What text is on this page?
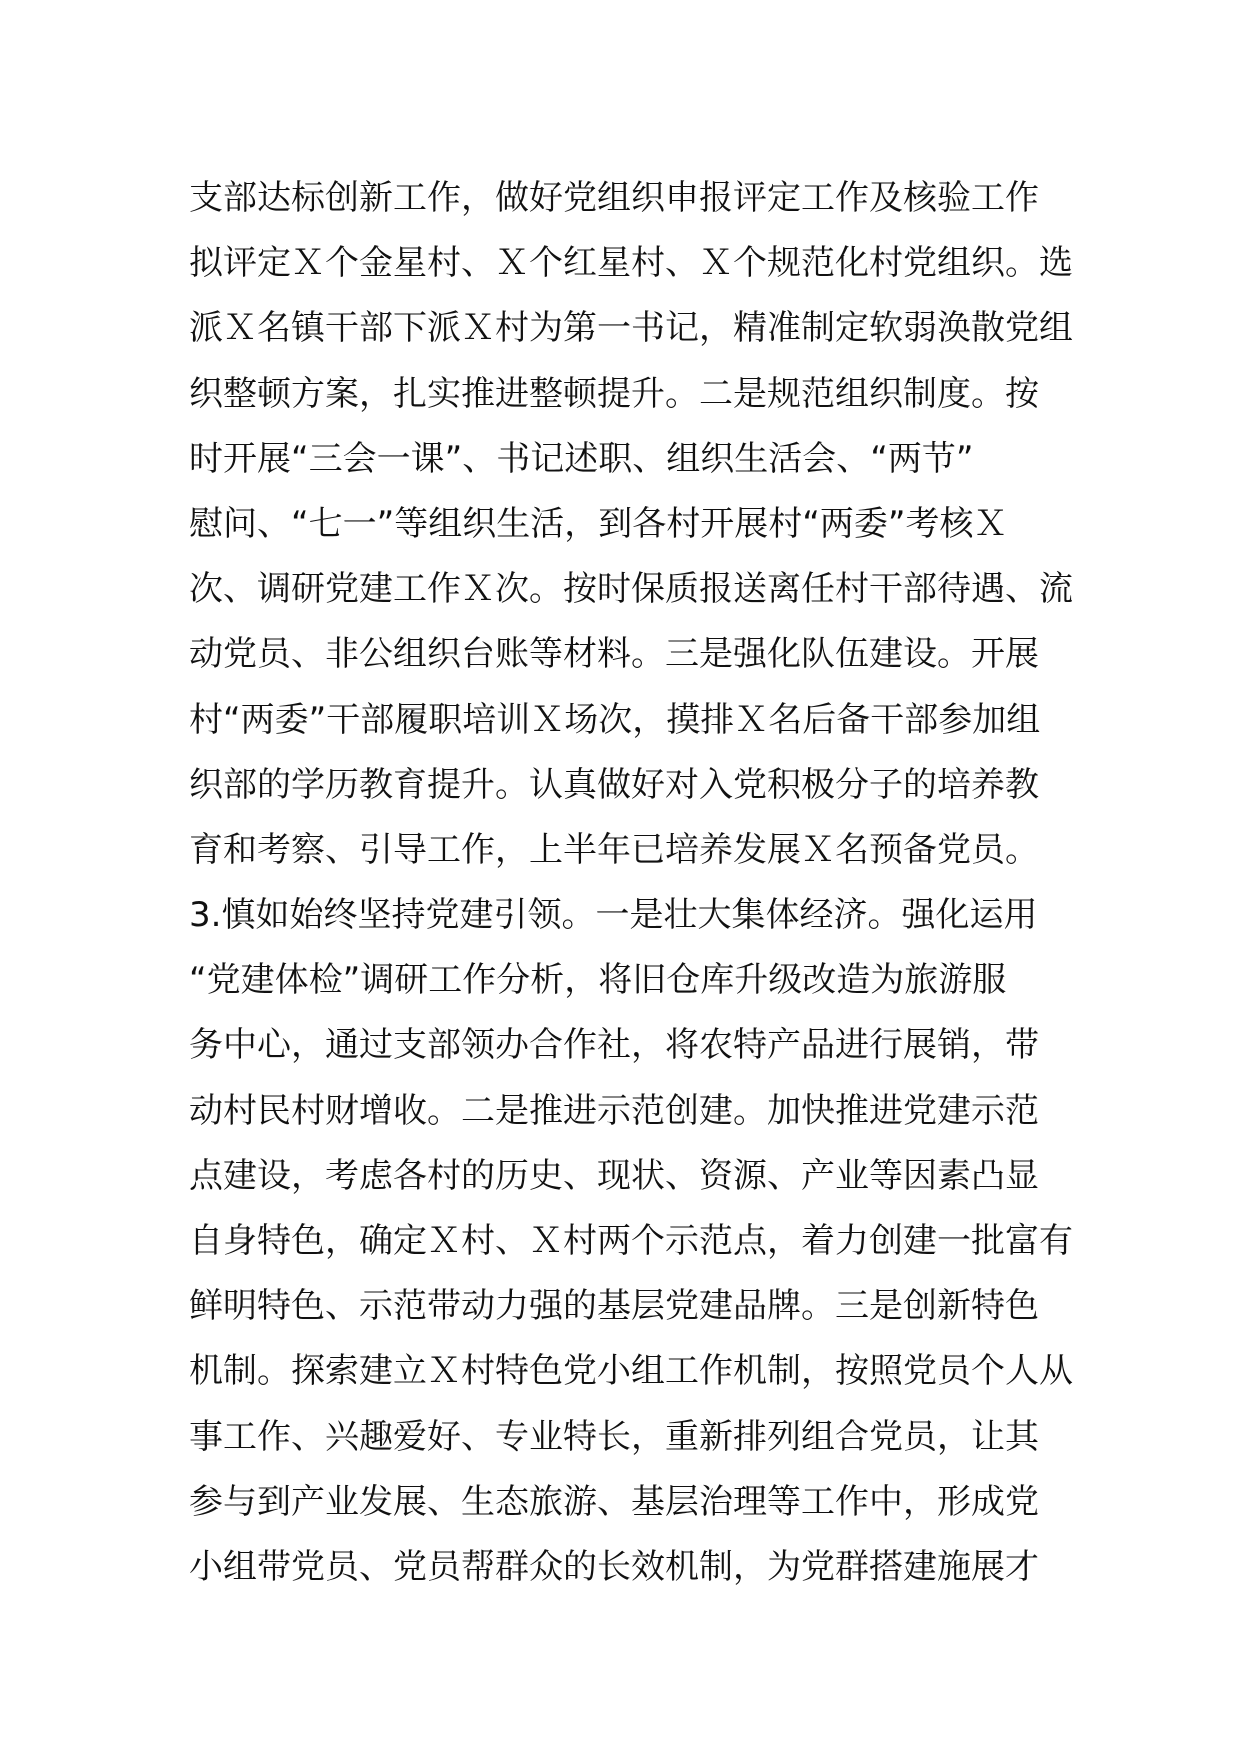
支部达标创新工作，做好党组织申报评定工作及核验工作
拟评定Ｘ个金星村、Ｘ个红星村、Ｘ个规范化村党组织。选
派Ｘ名镇干部下派Ｘ村为第一书记，精准制定软弱涣散党组
织整顿方案，扎实推进整顿提升。二是规范组织制度。按
时开展“三会一课”、书记述职、组织生活会、“两节”
慰问、“七一”等组织生活，到各村开展村“两委”考核Ｘ
次、调研党建工作Ｘ次。按时保质报送离任村干部待遇、流
动党员、非公组织台账等材料。三是强化队伍建设。开展
村“两委”干部履职培训Ｘ场次，摸排Ｘ名后备干部参加组
织部的学历教育提升。认真做好对入党积极分子的培养教
育和考察、引导工作，上半年已培养发展Ｘ名预备党员。
3.慎如始终坚持党建引领。一是壮大集体经济。强化运用
“党建体检”调研工作分析，将旧仓库升级改造为旅游服
务中心，通过支部领办合作社，将农特产品进行展销，带
动村民村财增收。二是推进示范创建。加快推进党建示范
点建设，考虑各村的历史、现状、资源、产业等因素凸显
自身特色，确定Ｘ村、Ｘ村两个示范点，着力创建一批富有
鲜明特色、示范带动力强的基层党建品牌。三是创新特色
机制。探索建立Ｘ村特色党小组工作机制，按照党员个人从
事工作、兴趣爱好、专业特长，重新排列组合党员，让其
参与到产业发展、生态旅游、基层治理等工作中，形成党
小组带党员、党员帮群众的长效机制，为党群搭建施展才
